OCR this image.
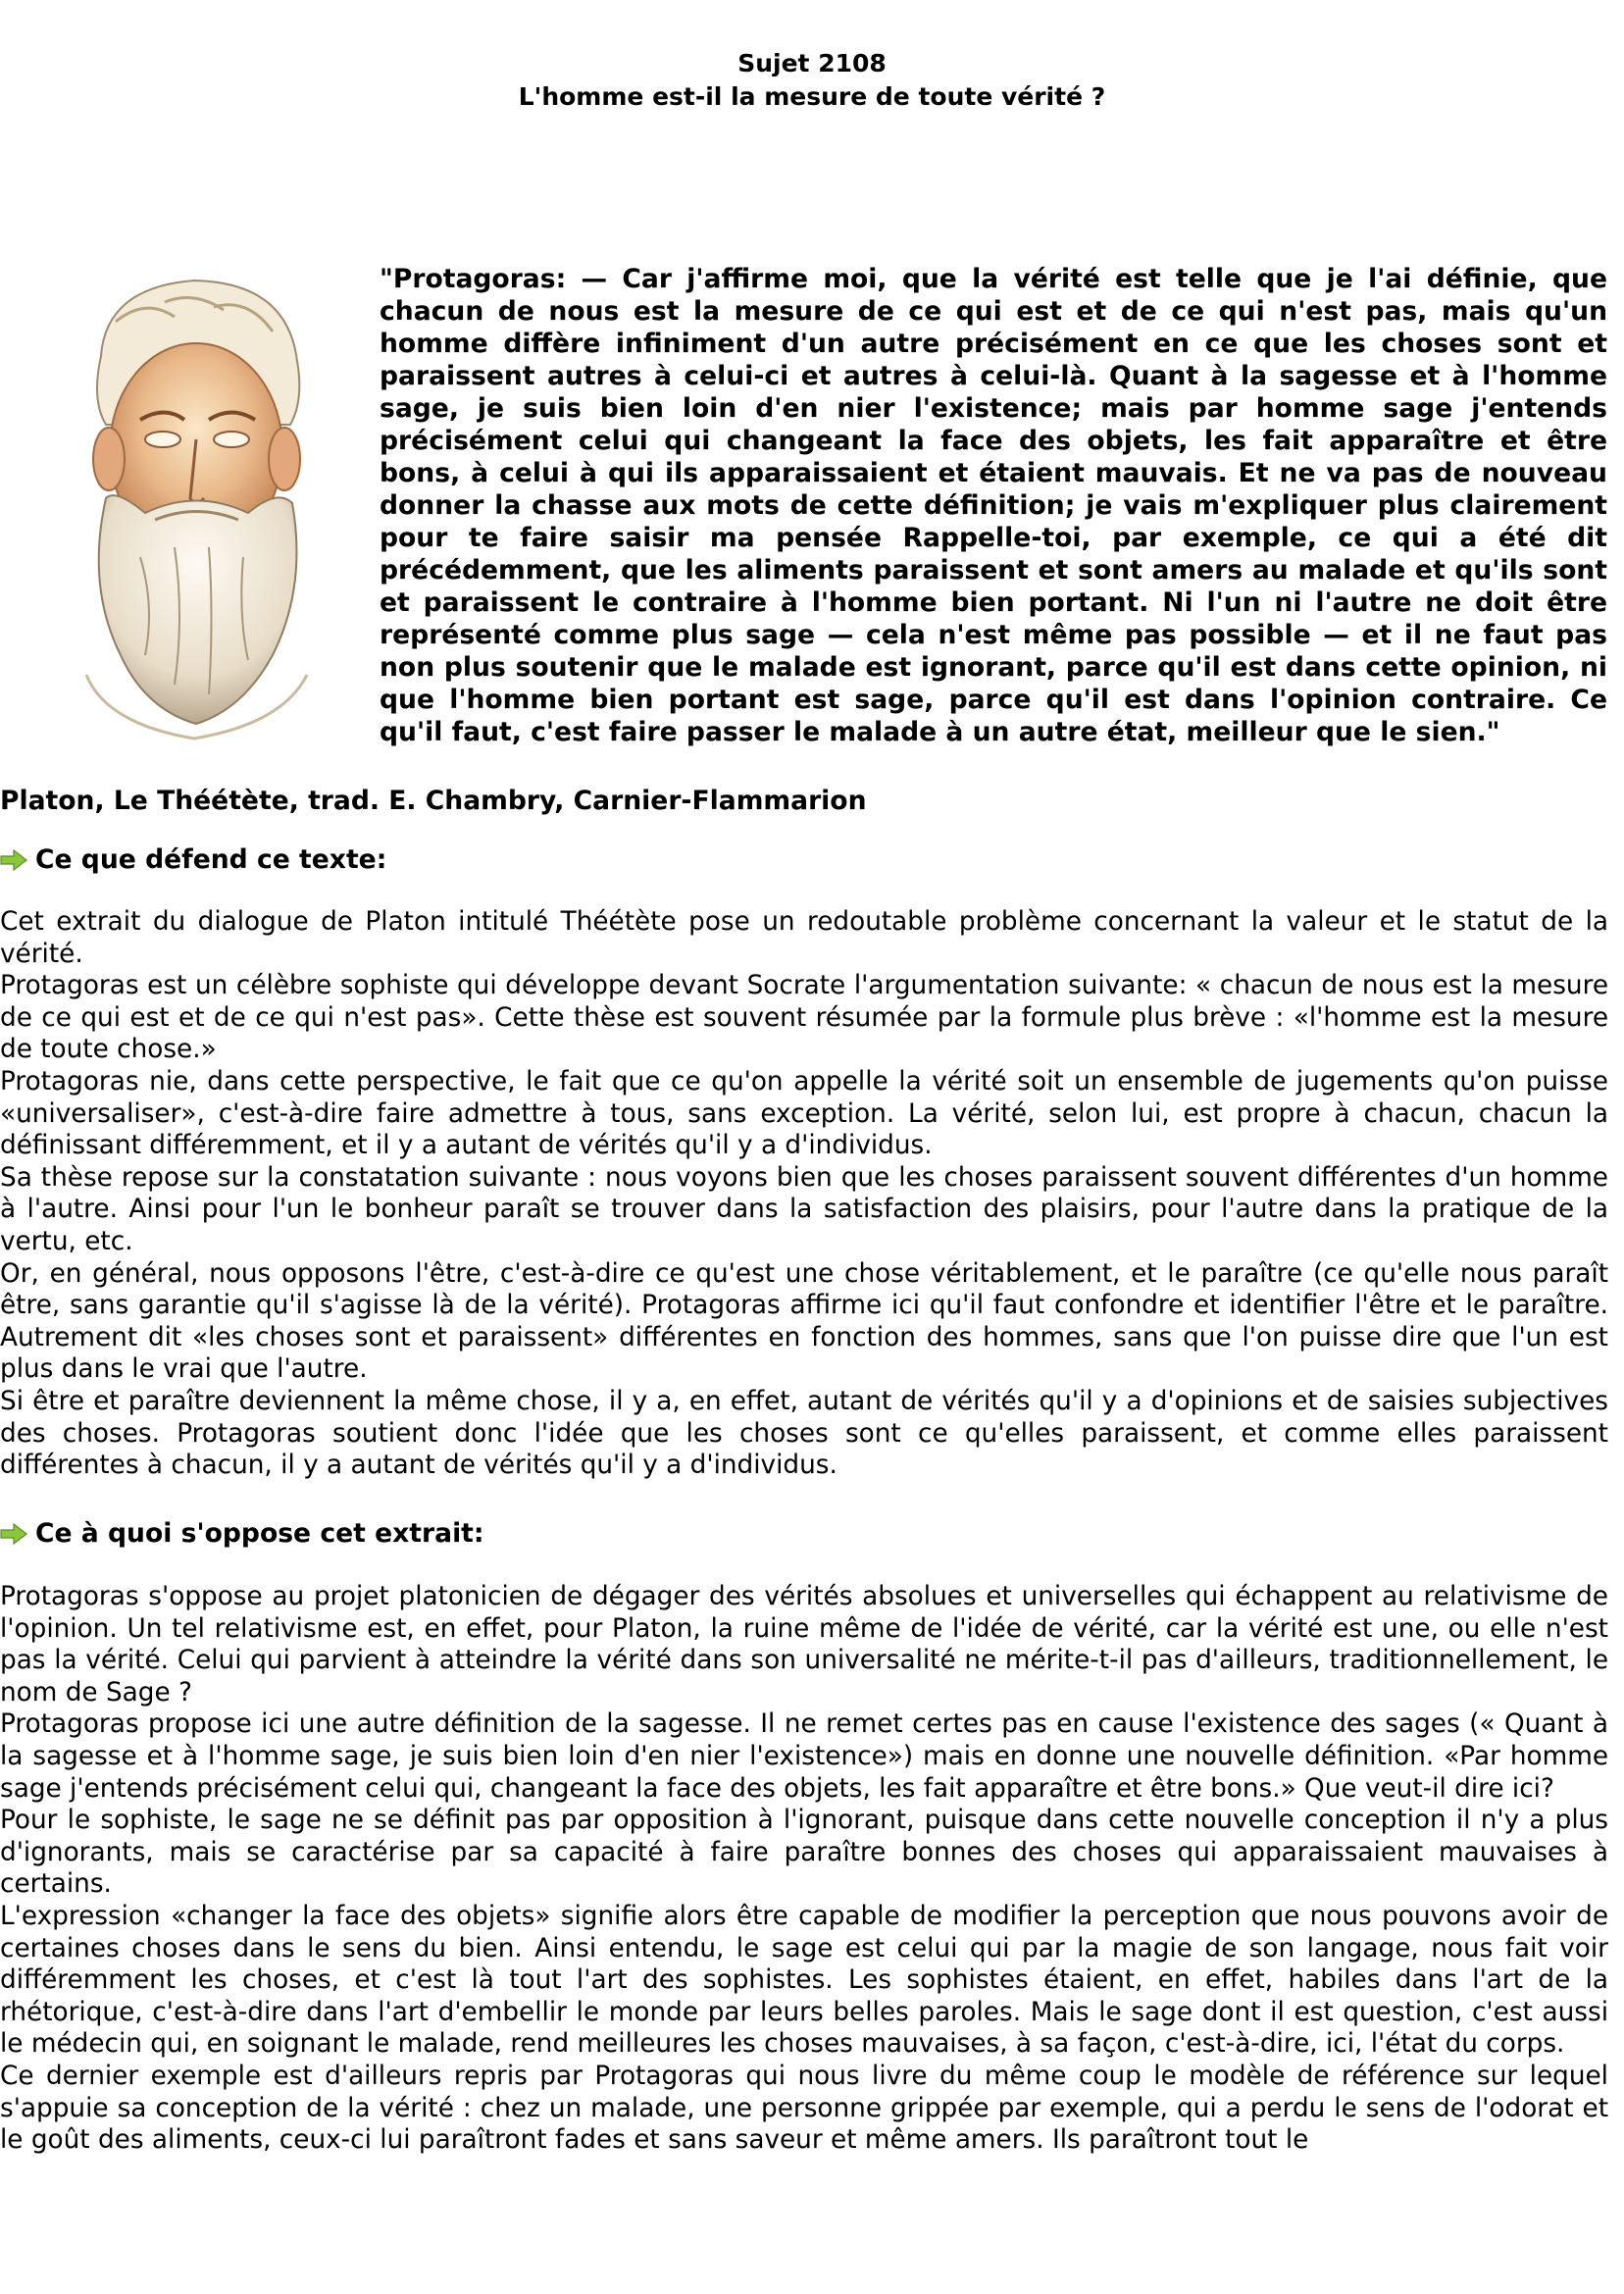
Sujet 2108
L'homme est-il la mesure de toute vérité ?

"Protagoras: — Car j'affirme moi, que la vérité est telle que je l'ai définie, que chacun de nous est la mesure de ce qui est et de ce qui n'est pas, mais qu'un homme diffère infiniment d'un autre précisément en ce que les choses sont et paraissent autres à celui-ci et autres à celui-là. Quant à la sagesse et à l'homme sage, je suis bien loin d'en nier l'existence; mais par homme sage j'entends précisément celui qui changeant la face des objets, les fait apparaître et être bons, à celui à qui ils apparaissaient et étaient mauvais. Et ne va pas de nouveau donner la chasse aux mots de cette définition; je vais m'expliquer plus clairement pour te faire saisir ma pensée Rappelle-toi, par exemple, ce qui a été dit précédemment, que les aliments paraissent et sont amers au malade et qu'ils sont et paraissent le contraire à l'homme bien portant. Ni l'un ni l'autre ne doit être représenté comme plus sage — cela n'est même pas possible — et il ne faut pas non plus soutenir que le malade est ignorant, parce qu'il est dans cette opinion, ni que l'homme bien portant est sage, parce qu'il est dans l'opinion contraire. Ce qu'il faut, c'est faire passer le malade à un autre état, meilleur que le sien."

Platon, Le Théétète, trad. E. Chambry, Carnier-Flammarion
Ce que défend ce texte:

Cet extrait du dialogue de Platon intitulé Théétète pose un redoutable problème concernant la valeur et le statut de la vérité.

Protagoras est un célèbre sophiste qui développe devant Socrate l'argumentation suivante: « chacun de nous est la mesure de ce qui est et de ce qui n'est pas». Cette thèse est souvent résumée par la formule plus brève : «l'homme est la mesure de toute chose.»

Protagoras nie, dans cette perspective, le fait que ce qu'on appelle la vérité soit un ensemble de jugements qu'on puisse «universaliser», c'est-à-dire faire admettre à tous, sans exception. La vérité, selon lui, est propre à chacun, chacun la définissant différemment, et il y a autant de vérités qu'il y a d'individus.

Sa thèse repose sur la constatation suivante : nous voyons bien que les choses paraissent souvent différentes d'un homme à l'autre. Ainsi pour l'un le bonheur paraît se trouver dans la satisfaction des plaisirs, pour l'autre dans la pratique de la vertu, etc.

Or, en général, nous opposons l'être, c'est-à-dire ce qu'est une chose véritablement, et le paraître (ce qu'elle nous paraît être, sans garantie qu'il s'agisse là de la vérité). Protagoras affirme ici qu'il faut confondre et identifier l'être et le paraître. Autrement dit «les choses sont et paraissent» différentes en fonction des hommes, sans que l'on puisse dire que l'un est plus dans le vrai que l'autre.

Si être et paraître deviennent la même chose, il y a, en effet, autant de vérités qu'il y a d'opinions et de saisies subjectives des choses. Protagoras soutient donc l'idée que les choses sont ce qu'elles paraissent, et comme elles paraissent différentes à chacun, il y a autant de vérités qu'il y a d'individus.

Ce à quoi s'oppose cet extrait:

Protagoras s'oppose au projet platonicien de dégager des vérités absolues et universelles qui échappent au relativisme de l'opinion. Un tel relativisme est, en effet, pour Platon, la ruine même de l'idée de vérité, car la vérité est une, ou elle n'est pas la vérité. Celui qui parvient à atteindre la vérité dans son universalité ne mérite-t-il pas d'ailleurs, traditionnellement, le nom de Sage ?

Protagoras propose ici une autre définition de la sagesse. Il ne remet certes pas en cause l'existence des sages (« Quant à la sagesse et à l'homme sage, je suis bien loin d'en nier l'existence») mais en donne une nouvelle définition. «Par homme sage j'entends précisément celui qui, changeant la face des objets, les fait apparaître et être bons.» Que veut-il dire ici?

Pour le sophiste, le sage ne se définit pas par opposition à l'ignorant, puisque dans cette nouvelle conception il n'y a plus d'ignorants, mais se caractérise par sa capacité à faire paraître bonnes des choses qui apparaissaient mauvaises à certains.

L'expression «changer la face des objets» signifie alors être capable de modifier la perception que nous pouvons avoir de certaines choses dans le sens du bien. Ainsi entendu, le sage est celui qui par la magie de son langage, nous fait voir différemment les choses, et c'est là tout l'art des sophistes. Les sophistes étaient, en effet, habiles dans l'art de la rhétorique, c'est-à-dire dans l'art d'embellir le monde par leurs belles paroles. Mais le sage dont il est question, c'est aussi le médecin qui, en soignant le malade, rend meilleures les choses mauvaises, à sa façon, c'est-à-dire, ici, l'état du corps.

Ce dernier exemple est d'ailleurs repris par Protagoras qui nous livre du même coup le modèle de référence sur lequel s'appuie sa conception de la vérité : chez un malade, une personne grippée par exemple, qui a perdu le sens de l'odorat et le goût des aliments, ceux-ci lui paraîtront fades et sans saveur et même amers. Ils paraîtront tout le
